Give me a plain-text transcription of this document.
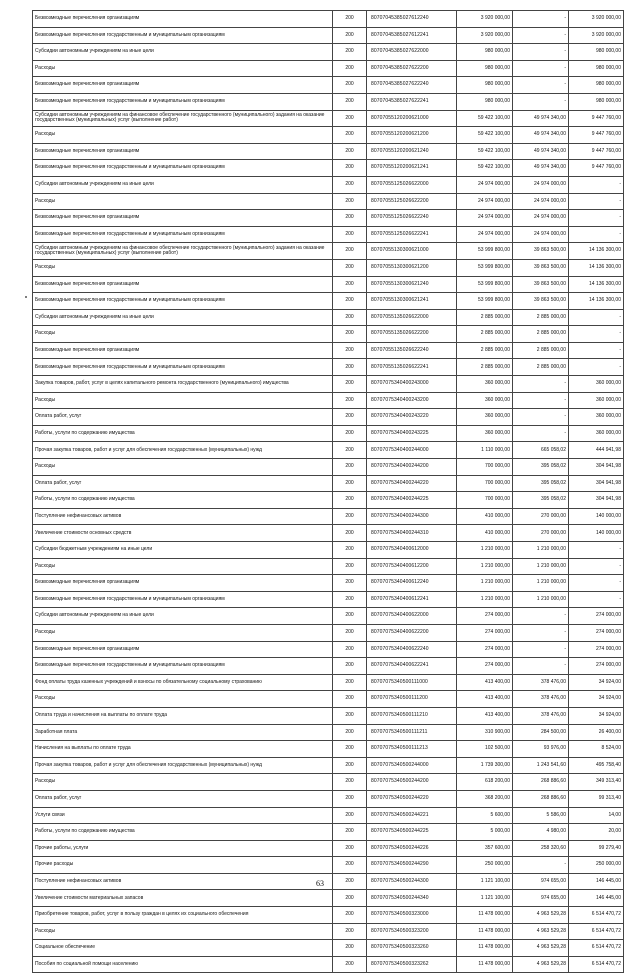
Безвозмездные перечисления организациям	200	80707045385027612240	3 920 000,00	-	3 920 000,00
Безвозмездные перечисления государственным и муниципальным организациям	200	80707045385027612241	3 920 000,00	-	3 920 000,00
Субсидии автономным учреждениям на иные цели	200	80707045385027622000	980 000,00	-	980 000,00
Расходы	200	80707045385027622200	980 000,00	-	980 000,00
Безвозмездные перечисления организациям	200	80707045385027622240	980 000,00	-	980 000,00
Безвозмездные перечисления государственным и муниципальным организациям	200	80707045385027622241	980 000,00	-	980 000,00
Субсидии автономным учреждениям на финансовое обеспечение государственного (муниципального) задания на оказание государственных (муниципальных) услуг (выполнение работ)	200	80707055120200621000	59 422 100,00	49 974 340,00	9 447 760,00
Расходы	200	80707055120200621200	59 422 100,00	49 974 340,00	9 447 760,00
Безвозмездные перечисления организациям	200	80707055120200621240	59 422 100,00	49 974 340,00	9 447 760,00
Безвозмездные перечисления государственным и муниципальным организациям	200	80707055120200621241	59 422 100,00	49 974 340,00	9 447 760,00
Субсидии автономным учреждениям на иные цели	200	80707055125026622000	24 974 000,00	24 974 000,00	-
Расходы	200	80707055125026622200	24 974 000,00	24 974 000,00	-
Безвозмездные перечисления организациям	200	80707055125026622240	24 974 000,00	24 974 000,00	-
Безвозмездные перечисления государственным и муниципальным организациям	200	80707055125026622241	24 974 000,00	24 974 000,00	-
Субсидии автономным учреждениям на финансовое обеспечение государственного (муниципального) задания на оказание государственных (муниципальных) услуг (выполнение работ)	200	80707055130300621000	53 999 800,00	39 863 500,00	14 136 300,00
Расходы	200	80707055130300621200	53 999 800,00	39 863 500,00	14 136 300,00
Безвозмездные перечисления организациям	200	80707055130300621240	53 999 800,00	39 863 500,00	14 136 300,00
Безвозмездные перечисления государственным и муниципальным организациям	200	80707055130300621241	53 999 800,00	39 863 500,00	14 136 300,00
Субсидии автономным учреждениям на иные цели	200	80707055135026622000	2 885 000,00	2 885 000,00	-
Расходы	200	80707055135026622200	2 885 000,00	2 885 000,00	-
Безвозмездные перечисления организациям	200	80707055135026622240	2 885 000,00	2 885 000,00	-
Безвозмездные перечисления государственным и муниципальным организациям	200	80707055135026622241	2 885 000,00	2 885 000,00	-
Закупка товаров, работ, услуг в целях капитального ремонта государственного (муниципального) имущества	200	80707075340400243000	360 000,00	-	360 000,00
Расходы	200	80707075340400243200	360 000,00	-	360 000,00
Оплата работ, услуг	200	80707075340400243220	360 000,00	-	360 000,00
Работы, услуги по содержанию имущества	200	80707075340400243225	360 000,00	-	360 000,00
Прочая закупка товаров, работ и услуг для обеспечения государственных (муниципальных) нужд	200	80707075340400244000	1 110 000,00	665 058,02	444 941,98
Расходы	200	80707075340400244200	700 000,00	395 058,02	304 941,98
Оплата работ, услуг	200	80707075340400244220	700 000,00	395 058,02	304 941,98
Работы, услуги по содержанию имущества	200	80707075340400244225	700 000,00	395 058,02	304 941,98
Поступление нефинансовых активов	200	80707075340400244300	410 000,00	270 000,00	140 000,00
Увеличение стоимости основных средств	200	80707075340400244310	410 000,00	270 000,00	140 000,00
Субсидии бюджетным учреждениям на иные цели	200	80707075340400612000	1 210 000,00	1 210 000,00	-
Расходы	200	80707075340400612200	1 210 000,00	1 210 000,00	-
Безвозмездные перечисления организациям	200	80707075340400612240	1 210 000,00	1 210 000,00	-
Безвозмездные перечисления государственным и муниципальным организациям	200	80707075340400612241	1 210 000,00	1 210 000,00	-
Субсидии автономным учреждениям на иные цели	200	80707075340400622000	274 000,00	-	274 000,00
Расходы	200	80707075340400622200	274 000,00	-	274 000,00
Безвозмездные перечисления организациям	200	80707075340400622240	274 000,00	-	274 000,00
Безвозмездные перечисления государственным и муниципальным организациям	200	80707075340400622241	274 000,00	-	274 000,00
Фонд оплаты труда казенных учреждений и взносы по обязательному социальному страхованию	200	80707075340500111000	413 400,00	378 476,00	34 924,00
Расходы	200	80707075340500111200	413 400,00	378 476,00	34 924,00
Оплата труда и начисления на выплаты по оплате труда	200	80707075340500111210	413 400,00	378 476,00	34 924,00
Заработная плата	200	80707075340500111211	310 900,00	284 500,00	26 400,00
Начисления на выплаты по оплате труда	200	80707075340500111213	102 500,00	93 976,00	8 524,00
Прочая закупка товаров, работ и услуг для обеспечения государственных (муниципальных) нужд	200	80707075340500244000	1 739 300,00	1 243 541,60	495 758,40
Расходы	200	80707075340500244200	618 200,00	268 886,60	349 313,40
Оплата работ, услуг	200	80707075340500244220	368 200,00	268 886,60	99 313,40
Услуги связи	200	80707075340500244221	5 600,00	5 586,00	14,00
Работы, услуги по содержанию имущества	200	80707075340500244225	5 000,00	4 980,00	20,00
Прочие работы, услуги	200	80707075340500244226	357 600,00	258 320,60	99 279,40
Прочие расходы	200	80707075340500244290	250 000,00	-	250 000,00
Поступление нефинансовых активов	200	80707075340500244300	1 121 100,00	974 655,00	146 445,00
Увеличение стоимости материальных запасов	200	80707075340500244340	1 121 100,00	974 655,00	146 445,00
Приобретение товаров, работ, услуг в пользу граждан в целях их социального обеспечения	200	80707075340500323000	11 478 000,00	4 963 529,28	6 514 470,72
Расходы	200	80707075340500323200	11 478 000,00	4 963 529,28	6 514 470,72
Социальное обеспечение	200	80707075340500323260	11 478 000,00	4 963 529,28	6 514 470,72
Пособия по социальной помощи населению	200	80707075340500323262	11 478 000,00	4 963 529,28	6 514 470,72
63
